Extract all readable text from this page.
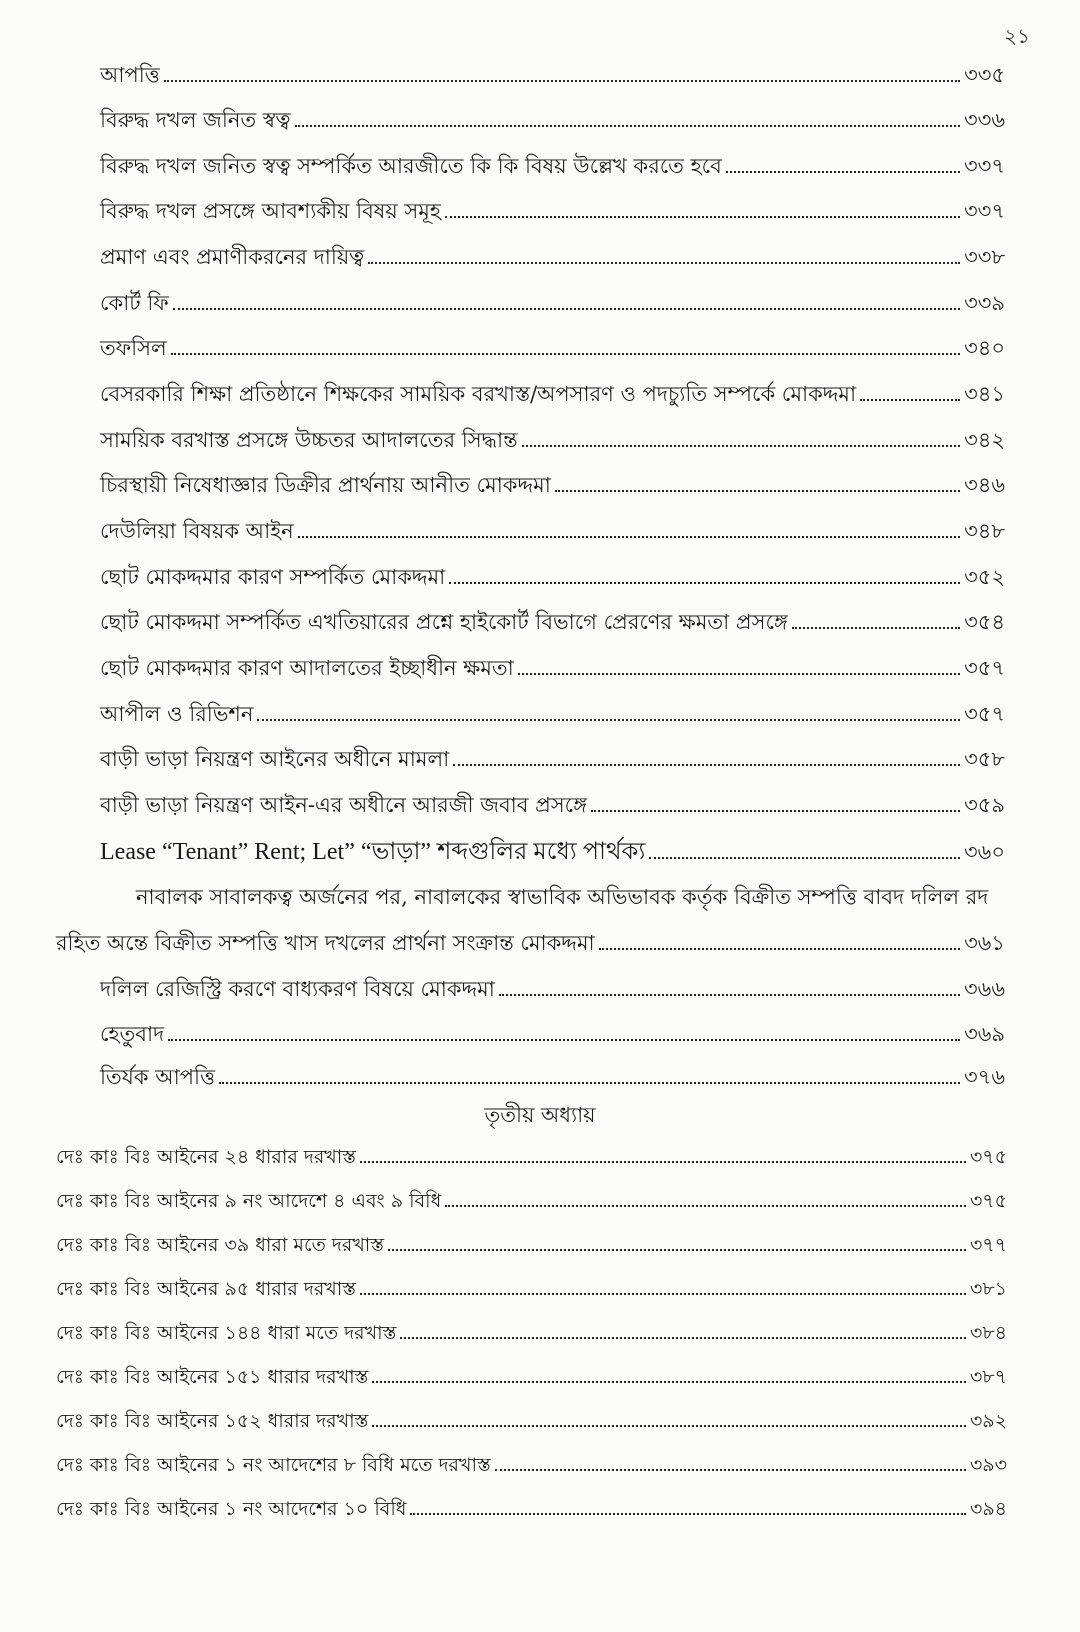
২১
আপত্তি	৩৩৫
বিরুদ্ধ দখল জনিত স্বত্ব	৩৩৬
বিরুদ্ধ দখল জনিত স্বত্ব সম্পর্কিত আরজীতে কি কি বিষয় উল্লেখ করতে হবে	৩৩৭
বিরুদ্ধ দখল প্রসঙ্গে আবশ্যকীয় বিষয় সমূহ	৩৩৭
প্রমাণ এবং প্রমাণীকরনের দায়িত্ব	৩৩৮
কোর্ট ফি	৩৩৯
তফসিল	৩৪০
বেসরকারি শিক্ষা প্রতিষ্ঠানে শিক্ষকের সাময়িক বরখাস্ত/অপসারণ ও পদচ্যুতি সম্পর্কে মোকদ্দমা	৩৪১
সাময়িক বরখাস্ত প্রসঙ্গে উচ্চতর আদালতের সিদ্ধান্ত	৩৪২
চিরস্থায়ী নিষেধাজ্ঞার ডিক্রীর প্রার্থনায় আনীত মোকদ্দমা	৩৪৬
দেউলিয়া বিষয়ক আইন	৩৪৮
ছোট মোকদ্দমার কারণ সম্পর্কিত মোকদ্দমা	৩৫২
ছোট মোকদ্দমা সম্পর্কিত এখতিয়ারের প্রশ্নে হাইকোর্ট বিভাগে প্রেরণের ক্ষমতা প্রসঙ্গে	৩৫৪
ছোট মোকদ্দমার কারণ আদালতের ইচ্ছাধীন ক্ষমতা	৩৫৭
আপীল ও রিভিশন	৩৫৭
বাড়ী ভাড়া নিয়ন্ত্রণ আইনের অধীনে মামলা	৩৫৮
বাড়ী ভাড়া নিয়ন্ত্রণ আইন-এর অধীনে আরজী জবাব প্রসঙ্গে	৩৫৯
Lease “Tenant” Rent; Let” “ভাড়া” শব্দগুলির মধ্যে পার্থক্য	৩৬০
নাবালক সাবালকত্ব অর্জনের পর, নাবালকের স্বাভাবিক অভিভাবক কর্তৃক বিক্রীত সম্পত্তি বাবদ দলিল রদ
রহিত অন্তে বিক্রীত সম্পত্তি খাস দখলের প্রার্থনা সংক্রান্ত মোকদ্দমা	৩৬১
দলিল রেজিস্ট্রি করণে বাধ্যকরণ বিষয়ে মোকদ্দমা	৩৬৬
হেতুবাদ	৩৬৯
তির্যক আপত্তি	৩৭৬
তৃতীয় অধ্যায়
দেঃ কাঃ বিঃ আইনের ২৪ ধারার দরখাস্ত	৩৭৫
দেঃ কাঃ বিঃ আইনের ৯ নং আদেশে ৪ এবং ৯ বিধি	৩৭৫
দেঃ কাঃ বিঃ আইনের ৩৯ ধারা মতে দরখাস্ত	৩৭৭
দেঃ কাঃ বিঃ আইনের ৯৫ ধারার দরখাস্ত	৩৮১
দেঃ কাঃ বিঃ আইনের ১৪৪ ধারা মতে দরখাস্ত	৩৮৪
দেঃ কাঃ বিঃ আইনের ১৫১ ধারার দরখাস্ত	৩৮৭
দেঃ কাঃ বিঃ আইনের ১৫২ ধারার দরখাস্ত	৩৯২
দেঃ কাঃ বিঃ আইনের ১ নং আদেশের ৮ বিধি মতে দরখাস্ত	৩৯৩
দেঃ কাঃ বিঃ আইনের ১ নং আদেশের ১০ বিধি	৩৯৪
